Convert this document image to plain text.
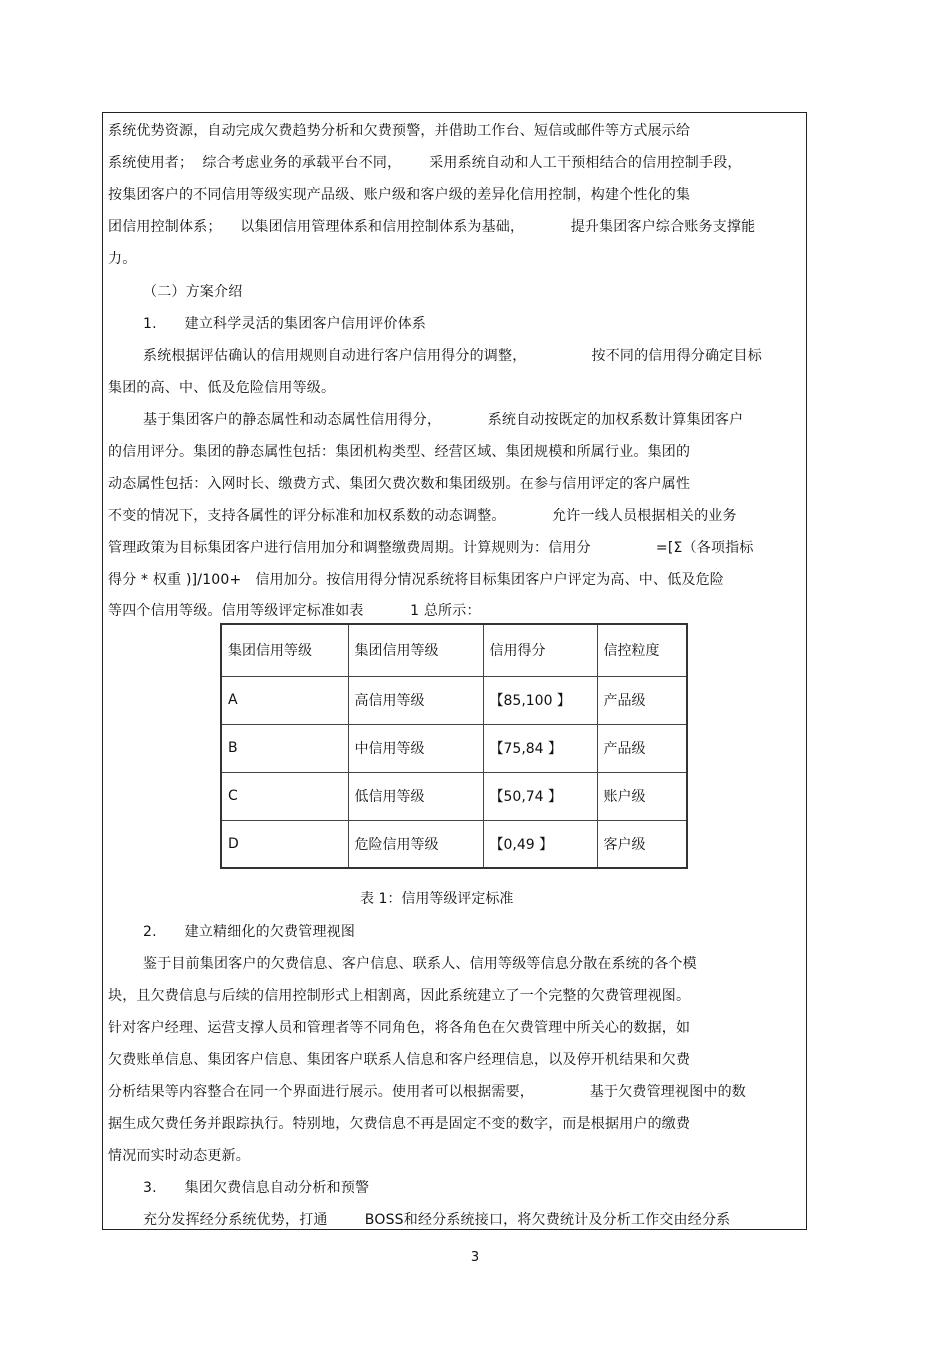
系统优势资源，自动完成欠费趋势分析和欠费预警，并借助工作台、短信或邮件等方式展示给
系统使用者；  综合考虑业务的承载平台不同，      采用系统自动和人工干预相结合的信用控制手段，
按集团客户的不同信用等级实现产品级、账户级和客户级的差异化信用控制，构建个性化的集
团信用控制体系；    以集团信用管理体系和信用控制体系为基础，          提升集团客户综合账务支撑能
力。
（二）方案介绍
1.      建立科学灵活的集团客户信用评价体系
系统根据评估确认的信用规则自动进行客户信用得分的调整，              按不同的信用得分确定目标
集团的高、中、低及危险信用等级。
基于集团客户的静态属性和动态属性信用得分，          系统自动按既定的加权系数计算集团客户
的信用评分。集团的静态属性包括：集团机构类型、经营区域、集团规模和所属行业。集团的
动态属性包括：入网时长、缴费方式、集团欠费次数和集团级别。在参与信用评定的客户属性
不变的情况下，支持各属性的评分标准和加权系数的动态调整。          允许一线人员根据相关的业务
管理政策为目标集团客户进行信用加分和调整缴费周期。计算规则为：信用分              =[Σ（各项指标
得分 * 权重 )]/100+   信用加分。按信用得分情况系统将目标集团客户户评定为高、中、低及危险
等四个信用等级。信用等级评定标准如表          1 总所示：
集团信用等级	集团信用等级	信用得分	信控粒度
A	高信用等级	【85,100 】	产品级
B	中信用等级	【75,84 】	产品级
C	低信用等级	【50,74 】	账户级
D	危险信用等级	【0,49 】	客户级
表 1：信用等级评定标准
2.      建立精细化的欠费管理视图
鉴于目前集团客户的欠费信息、客户信息、联系人、信用等级等信息分散在系统的各个模
块，且欠费信息与后续的信用控制形式上相割离，因此系统建立了一个完整的欠费管理视图。
针对客户经理、运营支撑人员和管理者等不同角色，将各角色在欠费管理中所关心的数据，如
欠费账单信息、集团客户信息、集团客户联系人信息和客户经理信息，以及停开机结果和欠费
分析结果等内容整合在同一个界面进行展示。使用者可以根据需要，            基于欠费管理视图中的数
据生成欠费任务并跟踪执行。特别地，欠费信息不再是固定不变的数字，而是根据用户的缴费
情况而实时动态更新。
3.      集团欠费信息自动分析和预警
充分发挥经分系统优势，打通        BOSS和经分系统接口，将欠费统计及分析工作交由经分系
3
